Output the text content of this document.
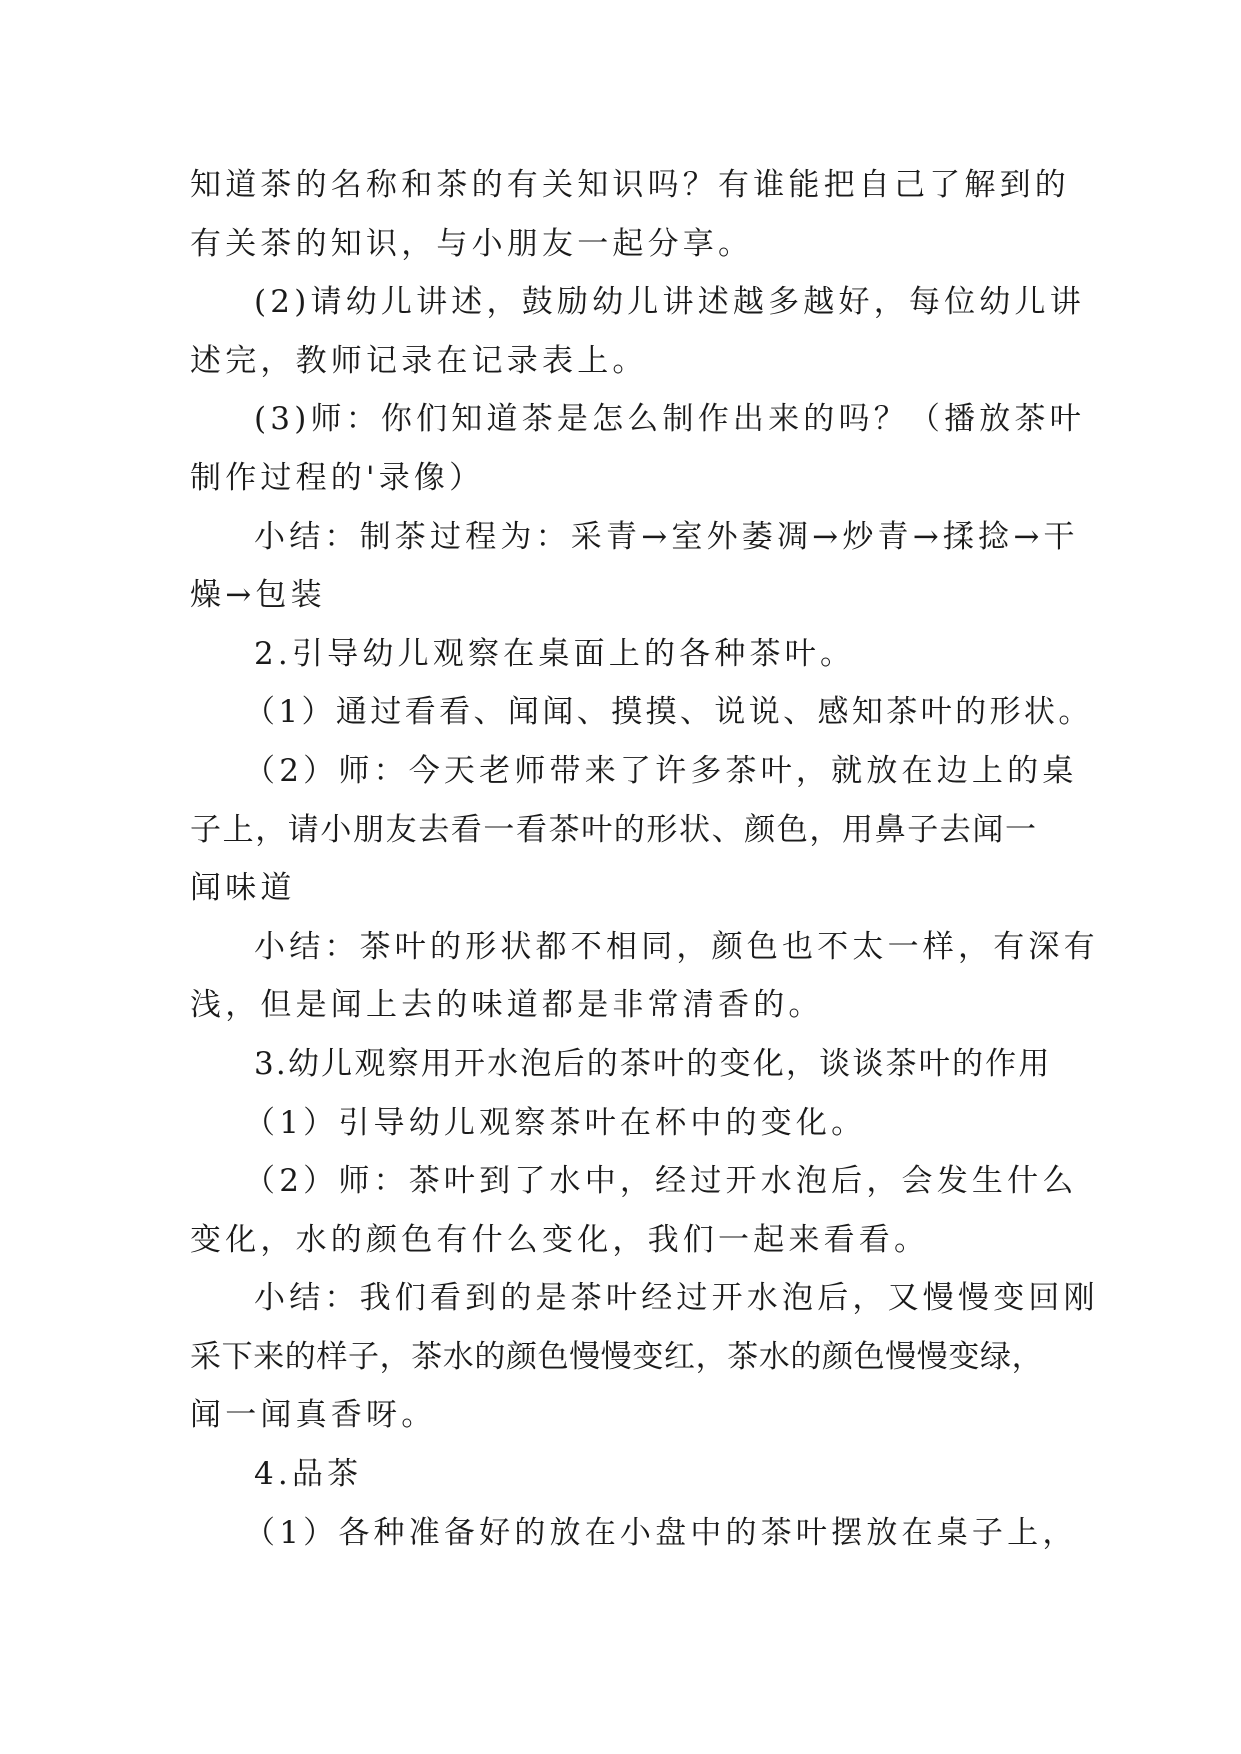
知道茶的名称和茶的有关知识吗？有谁能把自己了解到的
有关茶的知识，与小朋友一起分享。
(2)请幼儿讲述，鼓励幼儿讲述越多越好，每位幼儿讲
述完，教师记录在记录表上。
(3)师：你们知道茶是怎么制作出来的吗？（播放茶叶
制作过程的'录像）
小结：制茶过程为：采青→室外萎凋→炒青→揉捻→干
燥→包装
2.引导幼儿观察在桌面上的各种茶叶。
（1）通过看看、闻闻、摸摸、说说、感知茶叶的形状。
（2）师：今天老师带来了许多茶叶，就放在边上的桌
子上，请小朋友去看一看茶叶的形状、颜色，用鼻子去闻一
闻味道
小结：茶叶的形状都不相同，颜色也不太一样，有深有
浅，但是闻上去的味道都是非常清香的。
3.幼儿观察用开水泡后的茶叶的变化，谈谈茶叶的作用
（1）引导幼儿观察茶叶在杯中的变化。
（2）师：茶叶到了水中，经过开水泡后，会发生什么
变化，水的颜色有什么变化，我们一起来看看。
小结：我们看到的是茶叶经过开水泡后，又慢慢变回刚
采下来的样子，茶水的颜色慢慢变红，茶水的颜色慢慢变绿，
闻一闻真香呀。
4.品茶
（1）各种准备好的放在小盘中的茶叶摆放在桌子上，
